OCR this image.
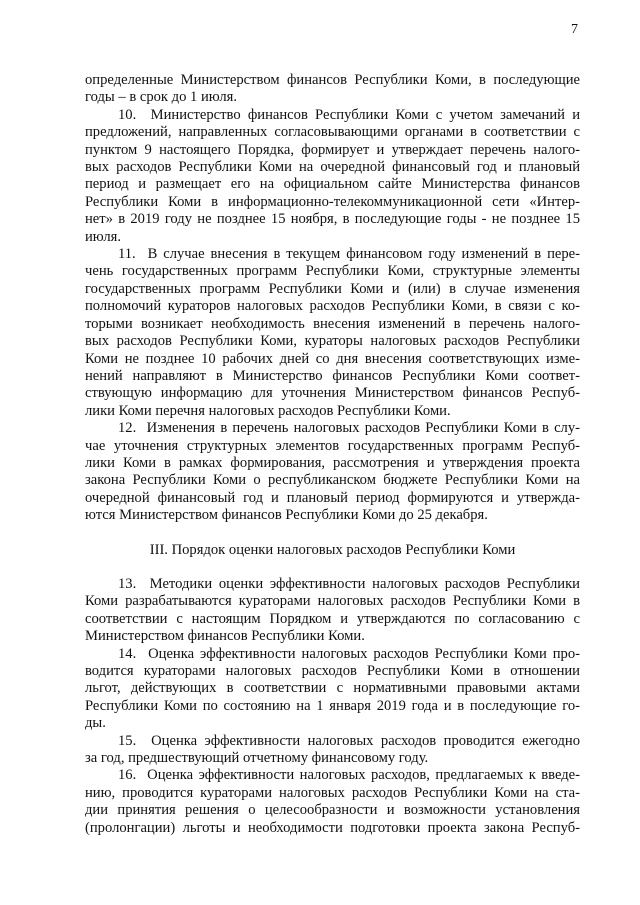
7
определенные Министерством финансов Республики Коми, в последующие
годы – в срок до 1 июля.
10.  Министерство финансов Республики Коми с учетом замечаний и
предложений, направленных согласовывающими органами в соответствии с
пунктом 9 настоящего Порядка, формирует и утверждает перечень налого-
вых расходов Республики Коми на очередной финансовый год и плановый
период и размещает его на официальном сайте Министерства финансов
Республики Коми в информационно-телекоммуникационной сети «Интер-
нет» в 2019 году не позднее 15 ноября, в последующие годы - не позднее 15
июля.
11.  В случае внесения в текущем финансовом году изменений в пере-
чень государственных программ Республики Коми, структурные элементы
государственных программ Республики Коми и (или) в случае изменения
полномочий кураторов налоговых расходов Республики Коми, в связи с ко-
торыми возникает необходимость внесения изменений в перечень налого-
вых расходов Республики Коми, кураторы налоговых расходов Республики
Коми не позднее 10 рабочих дней со дня внесения соответствующих изме-
нений направляют в Министерство финансов Республики Коми соответ-
ствующую информацию для уточнения Министерством финансов Респуб-
лики Коми перечня налоговых расходов Республики Коми.
12.  Изменения в перечень налоговых расходов Республики Коми в слу-
чае уточнения структурных элементов государственных программ Респуб-
лики Коми в рамках формирования, рассмотрения и утверждения проекта
закона Республики Коми о республиканском бюджете Республики Коми на
очередной финансовый год и плановый период формируются и утвержда-
ются Министерством финансов Республики Коми до 25 декабря.
III. Порядок оценки налоговых расходов Республики Коми
13.  Методики оценки эффективности налоговых расходов Республики
Коми разрабатываются кураторами налоговых расходов Республики Коми в
соответствии с настоящим Порядком и утверждаются по согласованию с
Министерством финансов Республики Коми.
14.  Оценка эффективности налоговых расходов Республики Коми про-
водится кураторами налоговых расходов Республики Коми в отношении
льгот, действующих в соответствии с нормативными правовыми актами
Республики Коми по состоянию на 1 января 2019 года и в последующие го-
ды.
15.  Оценка эффективности налоговых расходов проводится ежегодно
за год, предшествующий отчетному финансовому году.
16.  Оценка эффективности налоговых расходов, предлагаемых к введе-
нию, проводится кураторами налоговых расходов Республики Коми на ста-
дии принятия решения о целесообразности и возможности установления
(пролонгации) льготы и необходимости подготовки проекта закона Респуб-
